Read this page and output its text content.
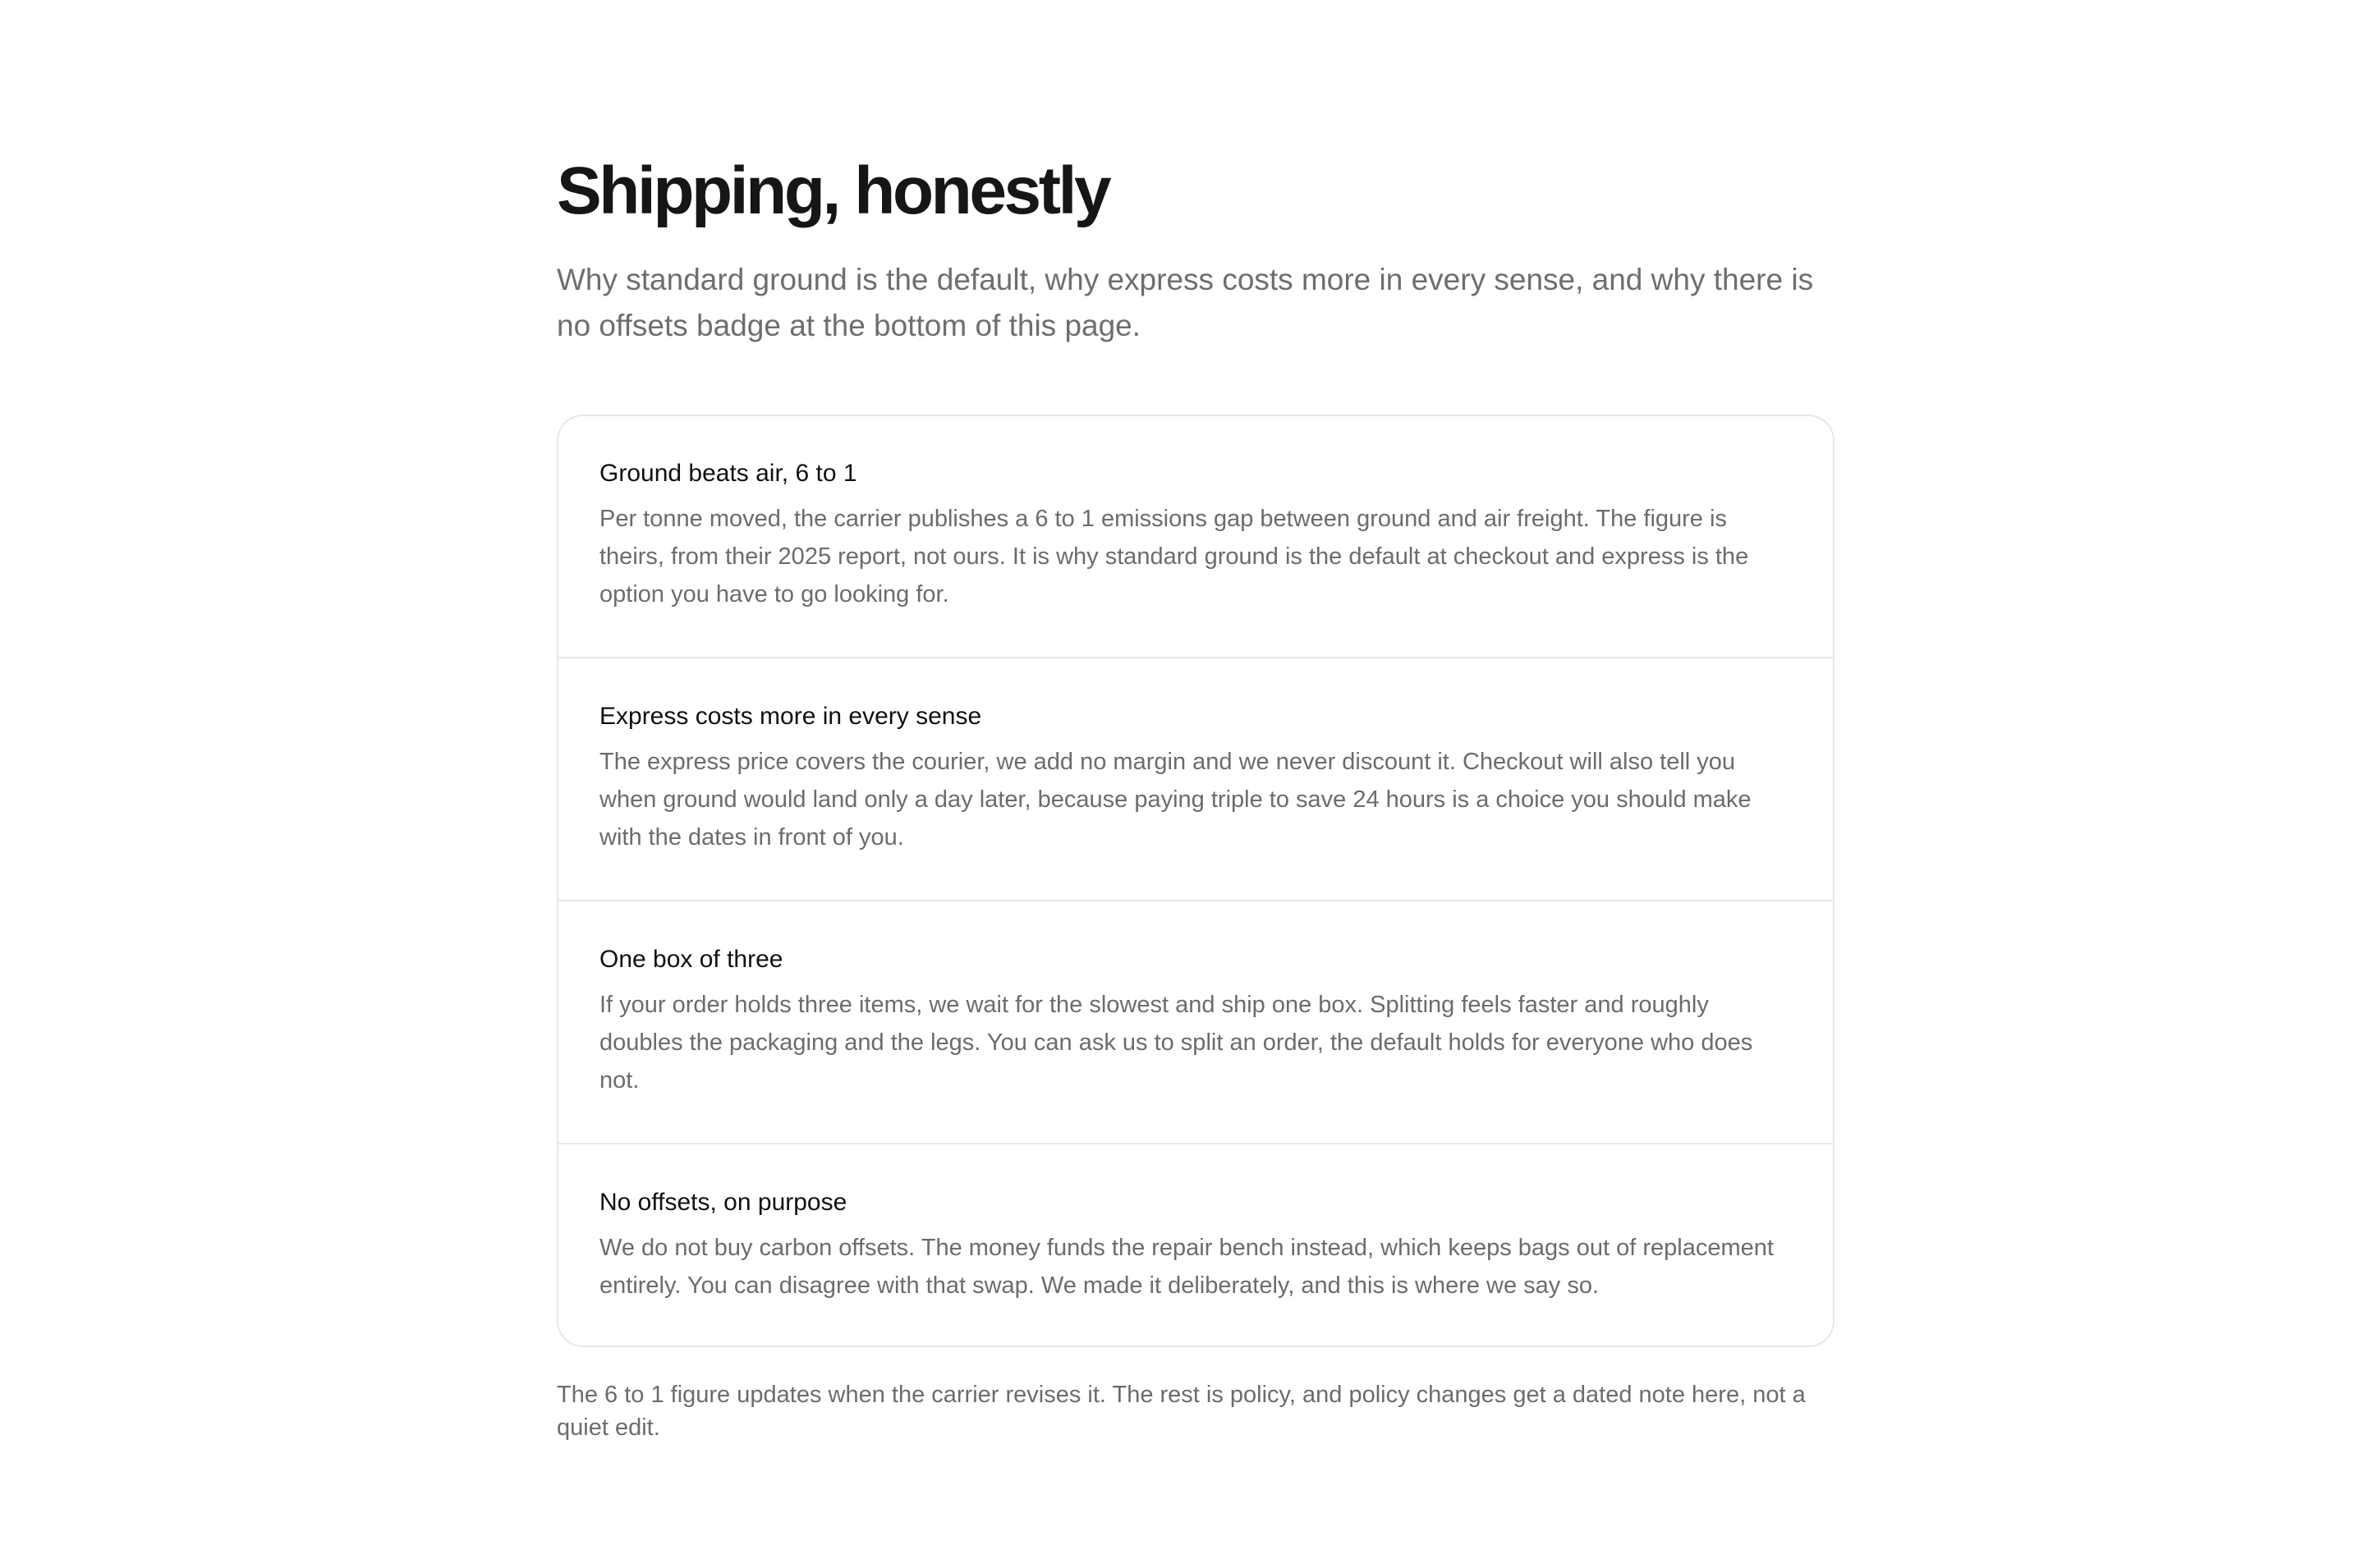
Shipping, honestly

Why standard ground is the default, why express costs more in every sense, and why there is no offsets badge at the bottom of this page.

Ground beats air, 6 to 1

Per tonne moved, the carrier publishes a 6 to 1 emissions gap between ground and air freight. The figure is theirs, from their 2025 report, not ours. It is why standard ground is the default at checkout and express is the option you have to go looking for.

Express costs more in every sense

The express price covers the courier, we add no margin and we never discount it. Checkout will also tell you when ground would land only a day later, because paying triple to save 24 hours is a choice you should make with the dates in front of you.

One box of three

If your order holds three items, we wait for the slowest and ship one box. Splitting feels faster and roughly doubles the packaging and the legs. You can ask us to split an order, the default holds for everyone who does not.

No offsets, on purpose

We do not buy carbon offsets. The money funds the repair bench instead, which keeps bags out of replacement entirely. You can disagree with that swap. We made it deliberately, and this is where we say so.

The 6 to 1 figure updates when the carrier revises it. The rest is policy, and policy changes get a dated note here, not a quiet edit.
